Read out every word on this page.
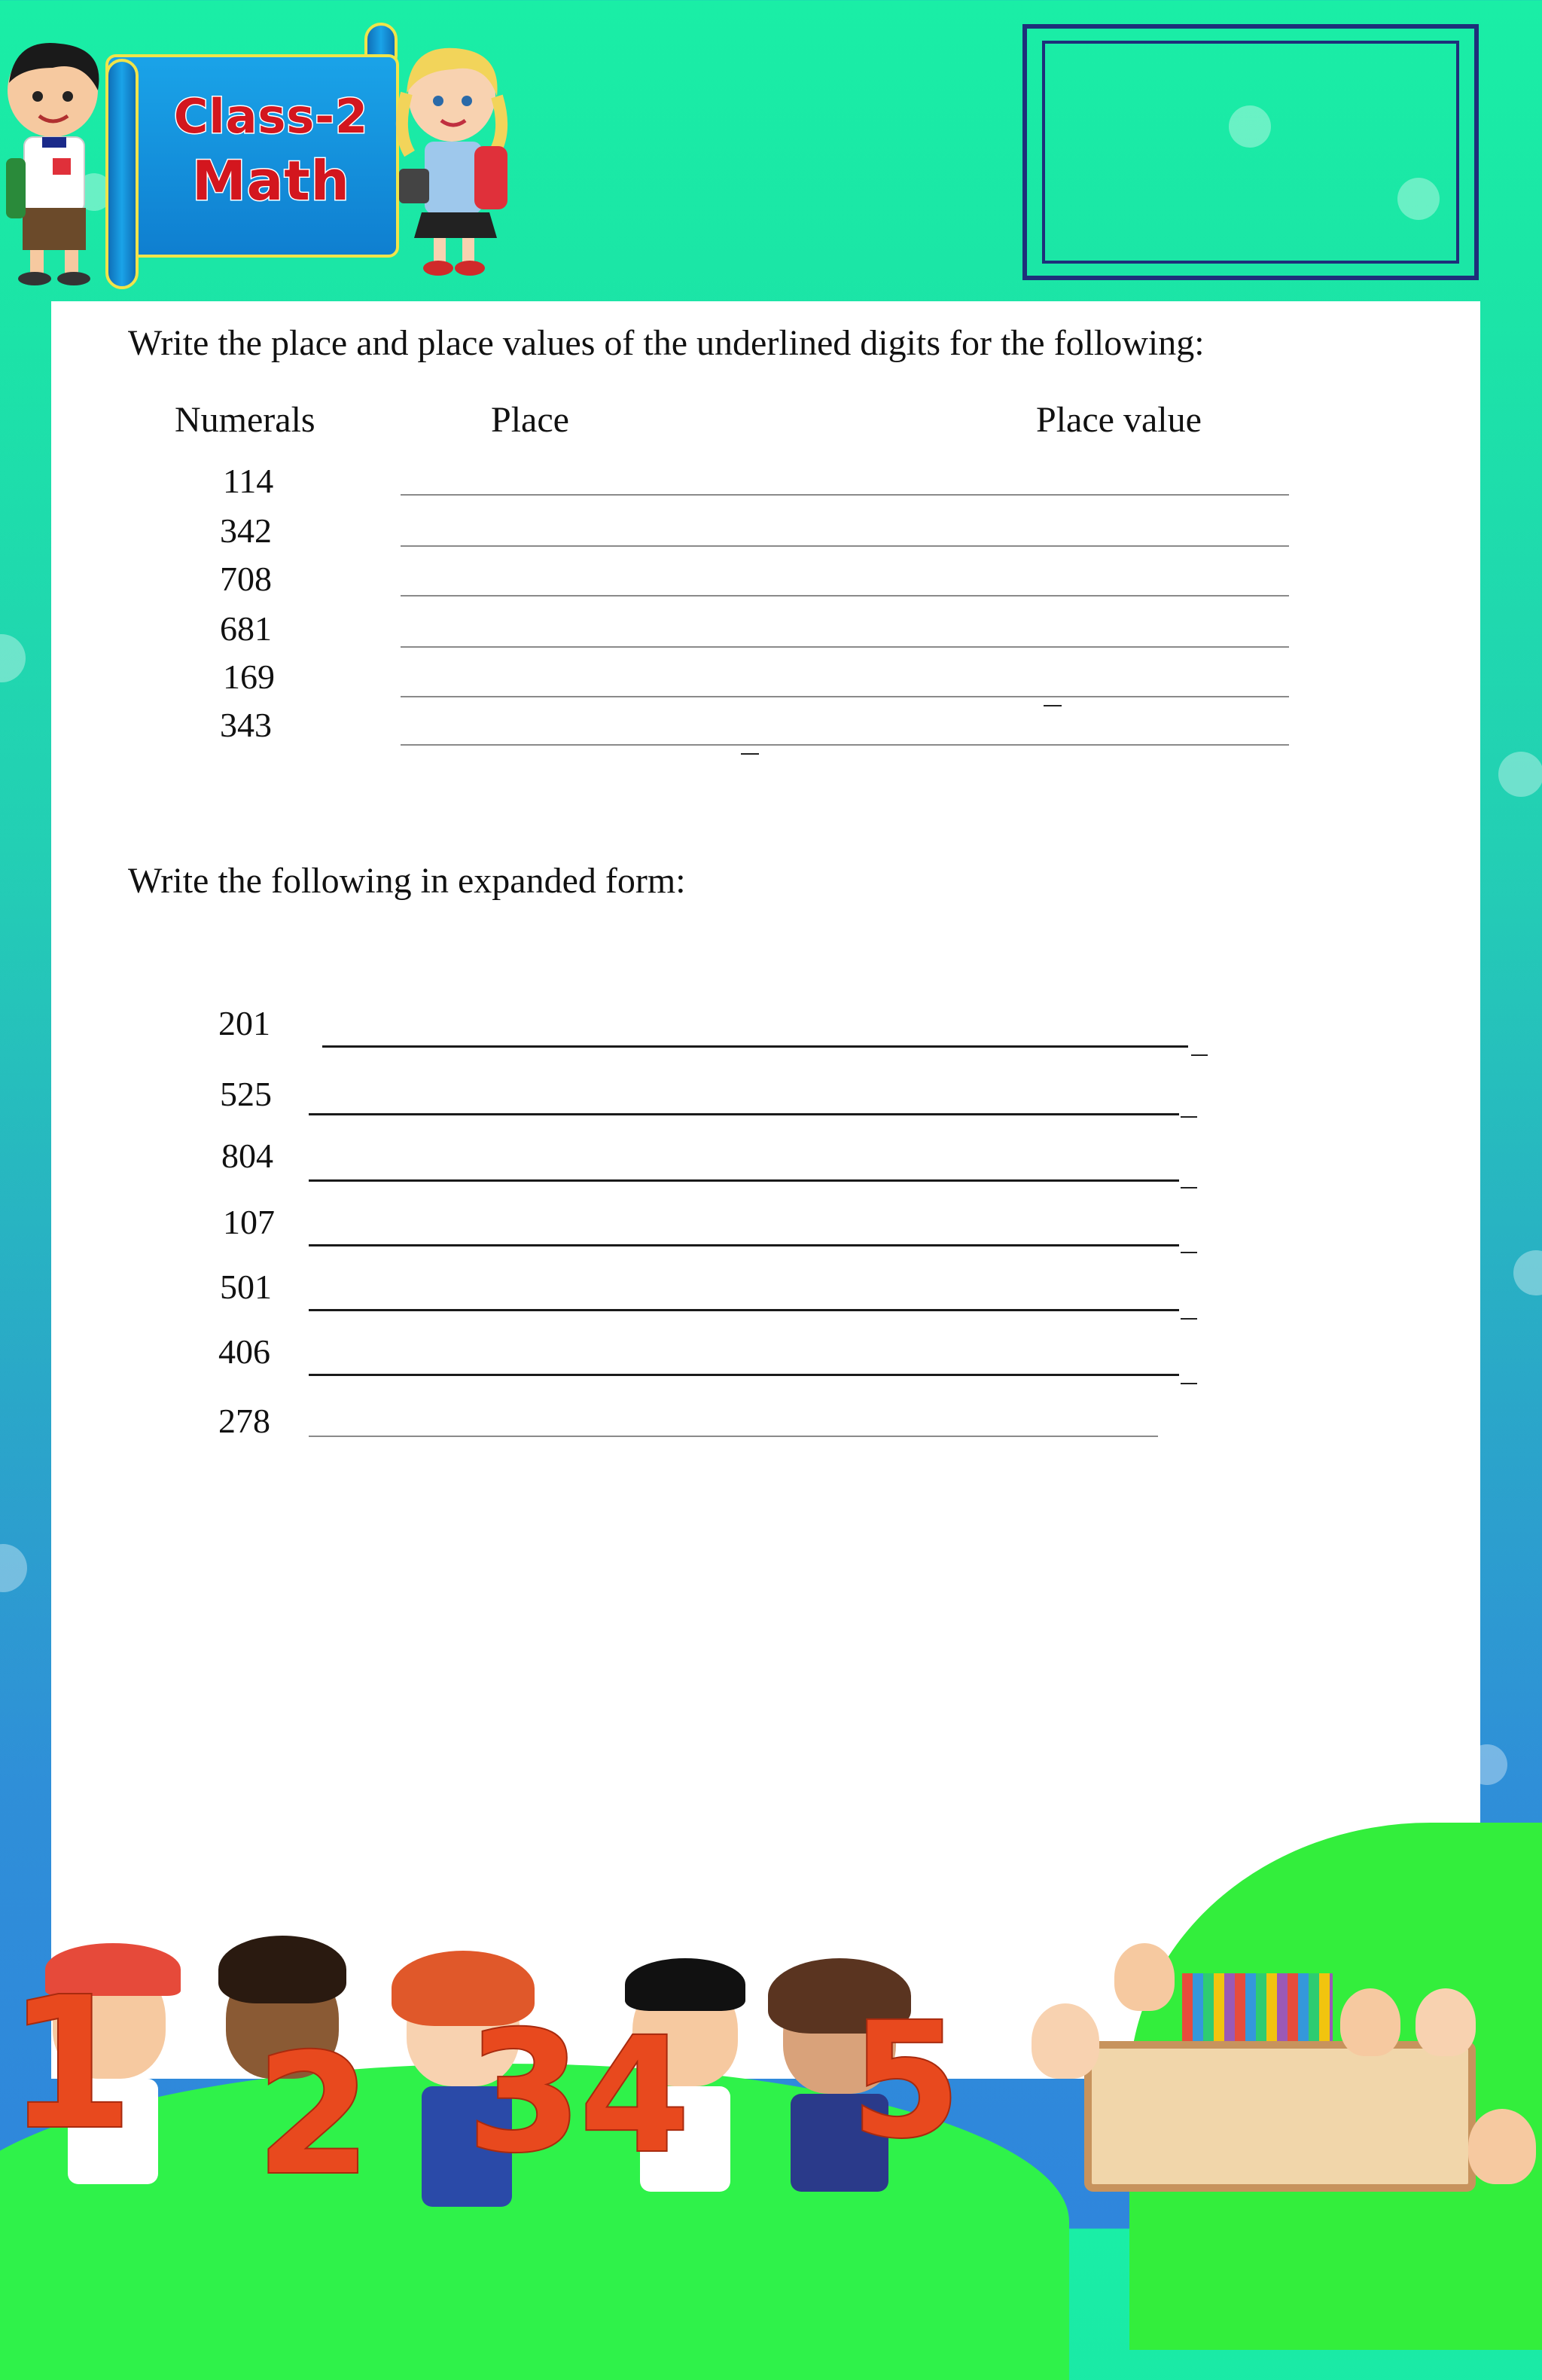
Class-2
Math
Write the place and place values of the underlined digits for the following:
Numerals	Place	Place value
114
342
708
681
169
343
Write the following in expanded form:
201
525
804
107
501
406
278
1 2 3
4 5
